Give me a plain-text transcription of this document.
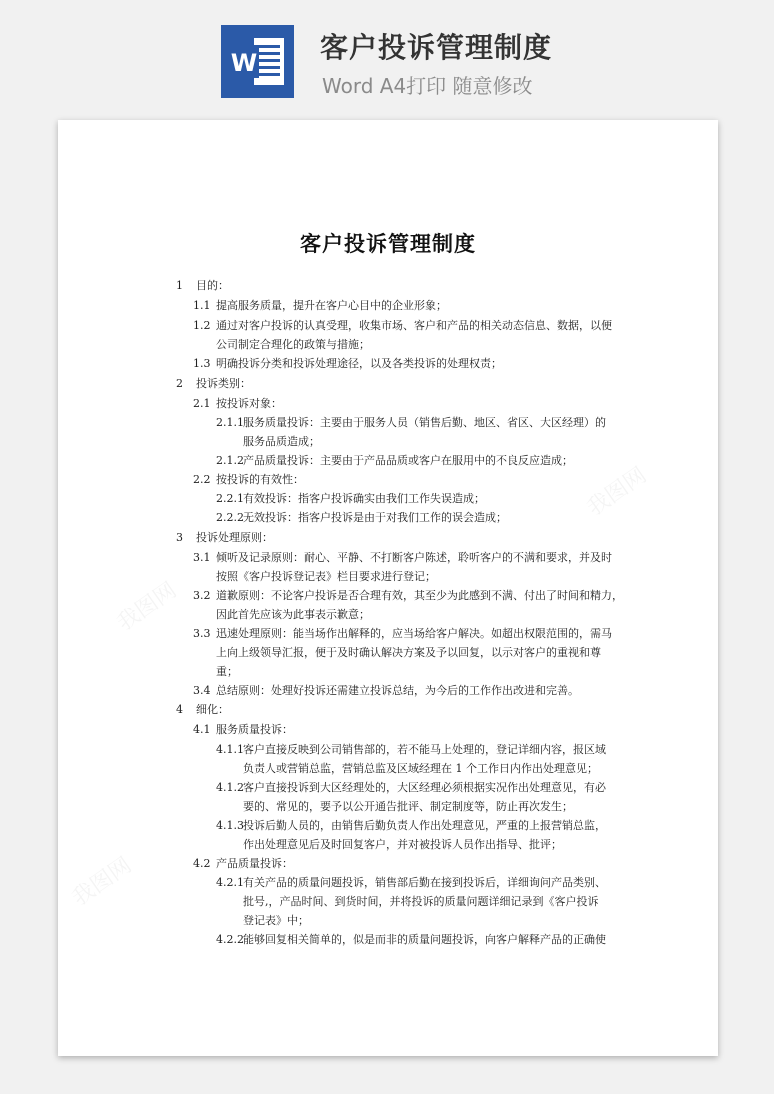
W 客户投诉管理制度
Word A4打印 随意修改
客户投诉管理制度
1 目的：
1.1 提高服务质量，提升在客户心目中的企业形象；
1.2 通过对客户投诉的认真受理，收集市场、客户和产品的相关动态信息、数据，以便
公司制定合理化的政策与措施；
1.3 明确投诉分类和投诉处理途径，以及各类投诉的处理权责；
2 投诉类别：
2.1 按投诉对象：
2.1.1 服务质量投诉：主要由于服务人员（销售后勤、地区、省区、大区经理）的
服务品质造成；
2.1.2 产品质量投诉：主要由于产品品质或客户在服用中的不良反应造成；
2.2 按投诉的有效性：
2.2.1 有效投诉：指客户投诉确实由我们工作失误造成；
2.2.2 无效投诉：指客户投诉是由于对我们工作的误会造成；
3 投诉处理原则：
3.1 倾听及记录原则：耐心、平静、不打断客户陈述，聆听客户的不满和要求，并及时
按照《客户投诉登记表》栏目要求进行登记；
3.2 道歉原则：不论客户投诉是否合理有效，其至少为此感到不满、付出了时间和精力，
因此首先应该为此事表示歉意；
3.3 迅速处理原则：能当场作出解释的，应当场给客户解决。如超出权限范围的，需马
上向上级领导汇报，便于及时确认解决方案及予以回复，以示对客户的重视和尊
重；
3.4 总结原则：处理好投诉还需建立投诉总结，为今后的工作作出改进和完善。
4 细化：
4.1 服务质量投诉：
4.1.1 客户直接反映到公司销售部的，若不能马上处理的，登记详细内容，报区域
负责人或营销总监，营销总监及区域经理在 1 个工作日内作出处理意见；
4.1.2 客户直接投诉到大区经理处的，大区经理必须根据实况作出处理意见，有必
要的、常见的，要予以公开通告批评、制定制度等，防止再次发生；
4.1.3 投诉后勤人员的，由销售后勤负责人作出处理意见，严重的上报营销总监，
作出处理意见后及时回复客户，并对被投诉人员作出指导、批评；
4.2 产品质量投诉：
4.2.1 有关产品的质量问题投诉，销售部后勤在接到投诉后，详细询问产品类别、
批号,，产品时间、到货时间，并将投诉的质量问题详细记录到《客户投诉
登记表》中；
4.2.2 能够回复相关简单的，似是而非的质量问题投诉，向客户解释产品的正确使
